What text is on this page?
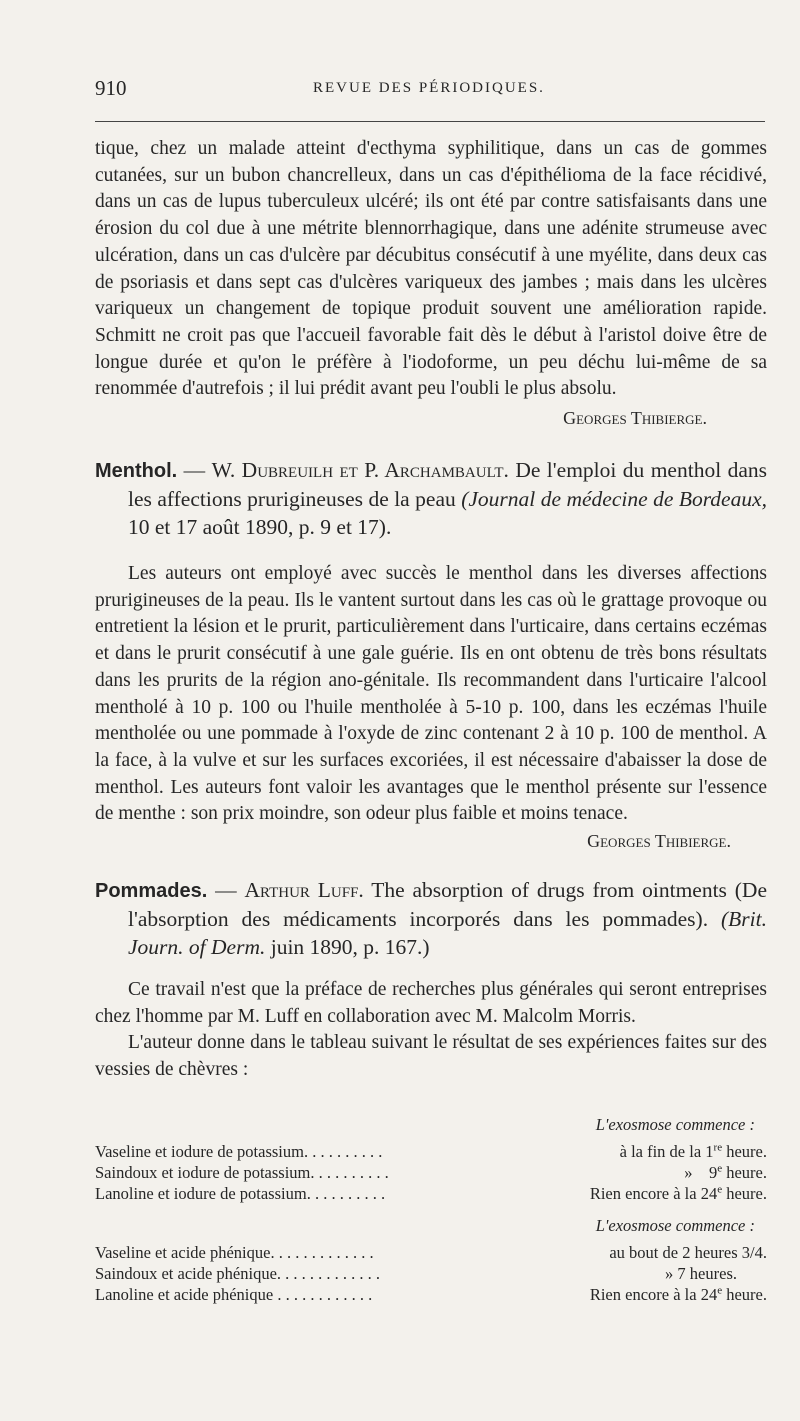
910	REVUE DES PÉRIODIQUES.

tique, chez un malade atteint d'ecthyma syphilitique, dans un cas de gommes cutanées, sur un bubon chancrelleux, dans un cas d'épithélioma de la face récidivé, dans un cas de lupus tuberculeux ulcéré; ils ont été par contre satisfaisants dans une érosion du col due à une métrite blennorrhagique, dans une adénite strumeuse avec ulcération, dans un cas d'ulcère par décubitus consécutif à une myélite, dans deux cas de psoriasis et dans sept cas d'ulcères variqueux des jambes ; mais dans les ulcères variqueux un changement de topique produit souvent une amélioration rapide. Schmitt ne croit pas que l'accueil favorable fait dès le début à l'aristol doive être de longue durée et qu'on le préfère à l'iodoforme, un peu déchu lui-même de sa renommée d'autrefois ; il lui prédit avant peu l'oubli le plus absolu.

Georges Thibierge.

Menthol. — W. Dubreuilh et P. Archambault. De l'emploi du menthol dans les affections prurigineuses de la peau (Journal de médecine de Bordeaux, 10 et 17 août 1890, p. 9 et 17).

Les auteurs ont employé avec succès le menthol dans les diverses affections prurigineuses de la peau. Ils le vantent surtout dans les cas où le grattage provoque ou entretient la lésion et le prurit, particulièrement dans l'urticaire, dans certains eczémas et dans le prurit consécutif à une gale guérie. Ils en ont obtenu de très bons résultats dans les prurits de la région ano-génitale. Ils recommandent dans l'urticaire l'alcool mentholé à 10 p. 100 ou l'huile mentholée à 5-10 p. 100, dans les eczémas l'huile mentholée ou une pommade à l'oxyde de zinc contenant 2 à 10 p. 100 de menthol. A la face, à la vulve et sur les surfaces excoriées, il est nécessaire d'abaisser la dose de menthol. Les auteurs font valoir les avantages que le menthol présente sur l'essence de menthe : son prix moindre, son odeur plus faible et moins tenace.
Georges Thibierge.

Pommades. — Arthur Luff. The absorption of drugs from ointments (De l'absorption des médicaments incorporés dans les pommades). (Brit. Journ. of Derm. juin 1890, p. 167.)

Ce travail n'est que la préface de recherches plus générales qui seront entreprises chez l'homme par M. Luff en collaboration avec M. Malcolm Morris.

L'auteur donne dans le tableau suivant le résultat de ses expériences faites sur des vessies de chèvres :

L'exosmose commence :
Vaseline et iodure de potassium. . . . . . . . . .	à la fin de la 1re heure.
Saindoux et iodure de potassium. . . . . . . . . .	»    9e heure.
Lanoline et iodure de potassium. . . . . . . . . .	Rien encore à la 24e heure.
L'exosmose commence :
Vaseline et acide phénique. . . . . . . . . . . . .	au bout de 2 heures 3/4.
Saindoux et acide phénique. . . . . . . . . . . . .	» 7 heures.
Lanoline et acide phénique . . . . . . . . . . . .	Rien encore à la 24e heure.
